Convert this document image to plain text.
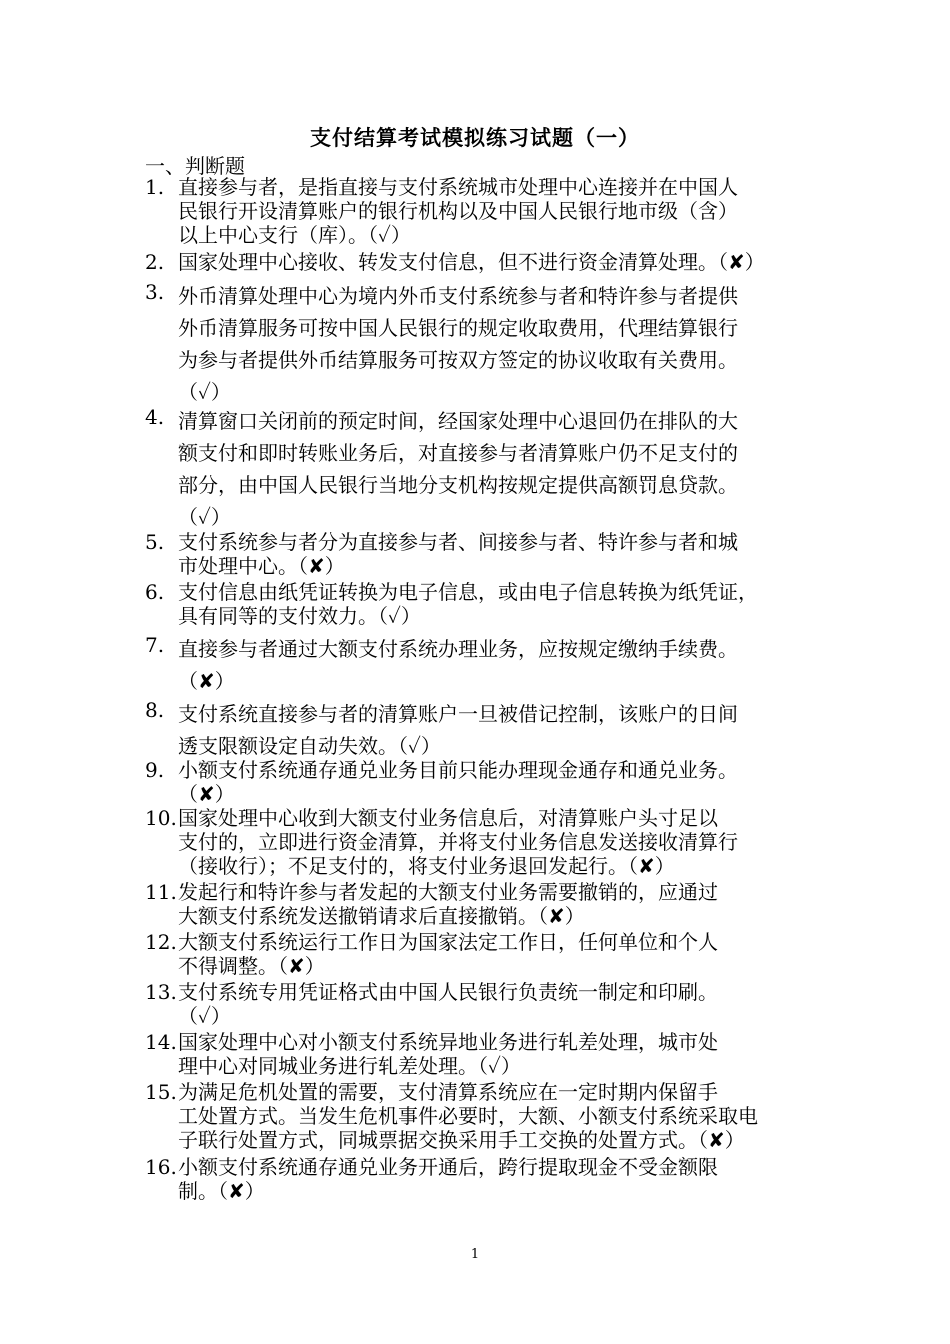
支付结算考试模拟练习试题（一）
一、判断题
1. 直接参与者，是指直接与支付系统城市处理中心连接并在中国人
民银行开设清算账户的银行机构以及中国人民银行地市级（含）
以上中心支行（库）。（✓）
2. 国家处理中心接收、转发支付信息，但不进行资金清算处理。（✘）
3. 外币清算处理中心为境内外币支付系统参与者和特许参与者提供
外币清算服务可按中国人民银行的规定收取费用，代理结算银行
为参与者提供外币结算服务可按双方签定的协议收取有关费用。
（✓）
4. 清算窗口关闭前的预定时间，经国家处理中心退回仍在排队的大
额支付和即时转账业务后，对直接参与者清算账户仍不足支付的
部分，由中国人民银行当地分支机构按规定提供高额罚息贷款。
（✓）
5. 支付系统参与者分为直接参与者、间接参与者、特许参与者和城
市处理中心。（✘）
6. 支付信息由纸凭证转换为电子信息，或由电子信息转换为纸凭证，
具有同等的支付效力。（✓）
7. 直接参与者通过大额支付系统办理业务，应按规定缴纳手续费。
（✘）
8. 支付系统直接参与者的清算账户一旦被借记控制，该账户的日间
透支限额设定自动失效。（✓）
9. 小额支付系统通存通兑业务目前只能办理现金通存和通兑业务。
（✘）
10. 国家处理中心收到大额支付业务信息后，对清算账户头寸足以
支付的，立即进行资金清算，并将支付业务信息发送接收清算行
（接收行）；不足支付的，将支付业务退回发起行。（✘）
11. 发起行和特许参与者发起的大额支付业务需要撤销的，应通过
大额支付系统发送撤销请求后直接撤销。（✘）
12. 大额支付系统运行工作日为国家法定工作日，任何单位和个人
不得调整。（✘）
13. 支付系统专用凭证格式由中国人民银行负责统一制定和印刷。
（✓）
14. 国家处理中心对小额支付系统异地业务进行轧差处理，城市处
理中心对同城业务进行轧差处理。（✓）
15. 为满足危机处置的需要，支付清算系统应在一定时期内保留手
工处置方式。当发生危机事件必要时，大额、小额支付系统采取电
子联行处置方式，同城票据交换采用手工交换的处置方式。（✘）
16. 小额支付系统通存通兑业务开通后，跨行提取现金不受金额限
制。（✘）
1
